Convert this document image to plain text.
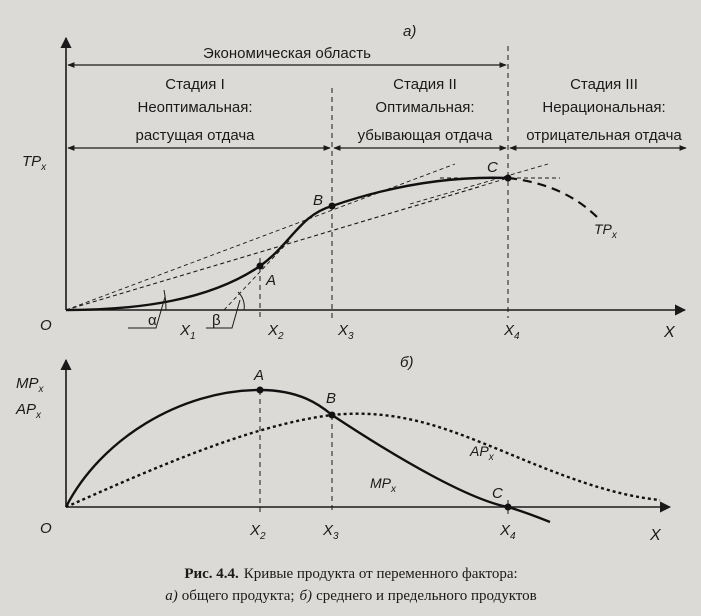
а)
Экономическая область
Стадия I
Неоптимальная:
растущая отдача
Стадия II
Оптимальная:
убывающая отдача
Стадия III
Нерациональная:
отрицательная отдача
α	β
A
B
C
$TP_x$
X
O
$TP_x$
$X_1$	$X_2$	$X_3$	$X_4$
б)
A
B
C
$MP_x$
$AP_x$
$AP_x$
$MP_x$
X
O	$X_2$	$X_3$	$X_4$
Рис. 4.4. Кривые продукта от переменного фактора:
а) общего продукта; б) среднего и предельного продуктов
